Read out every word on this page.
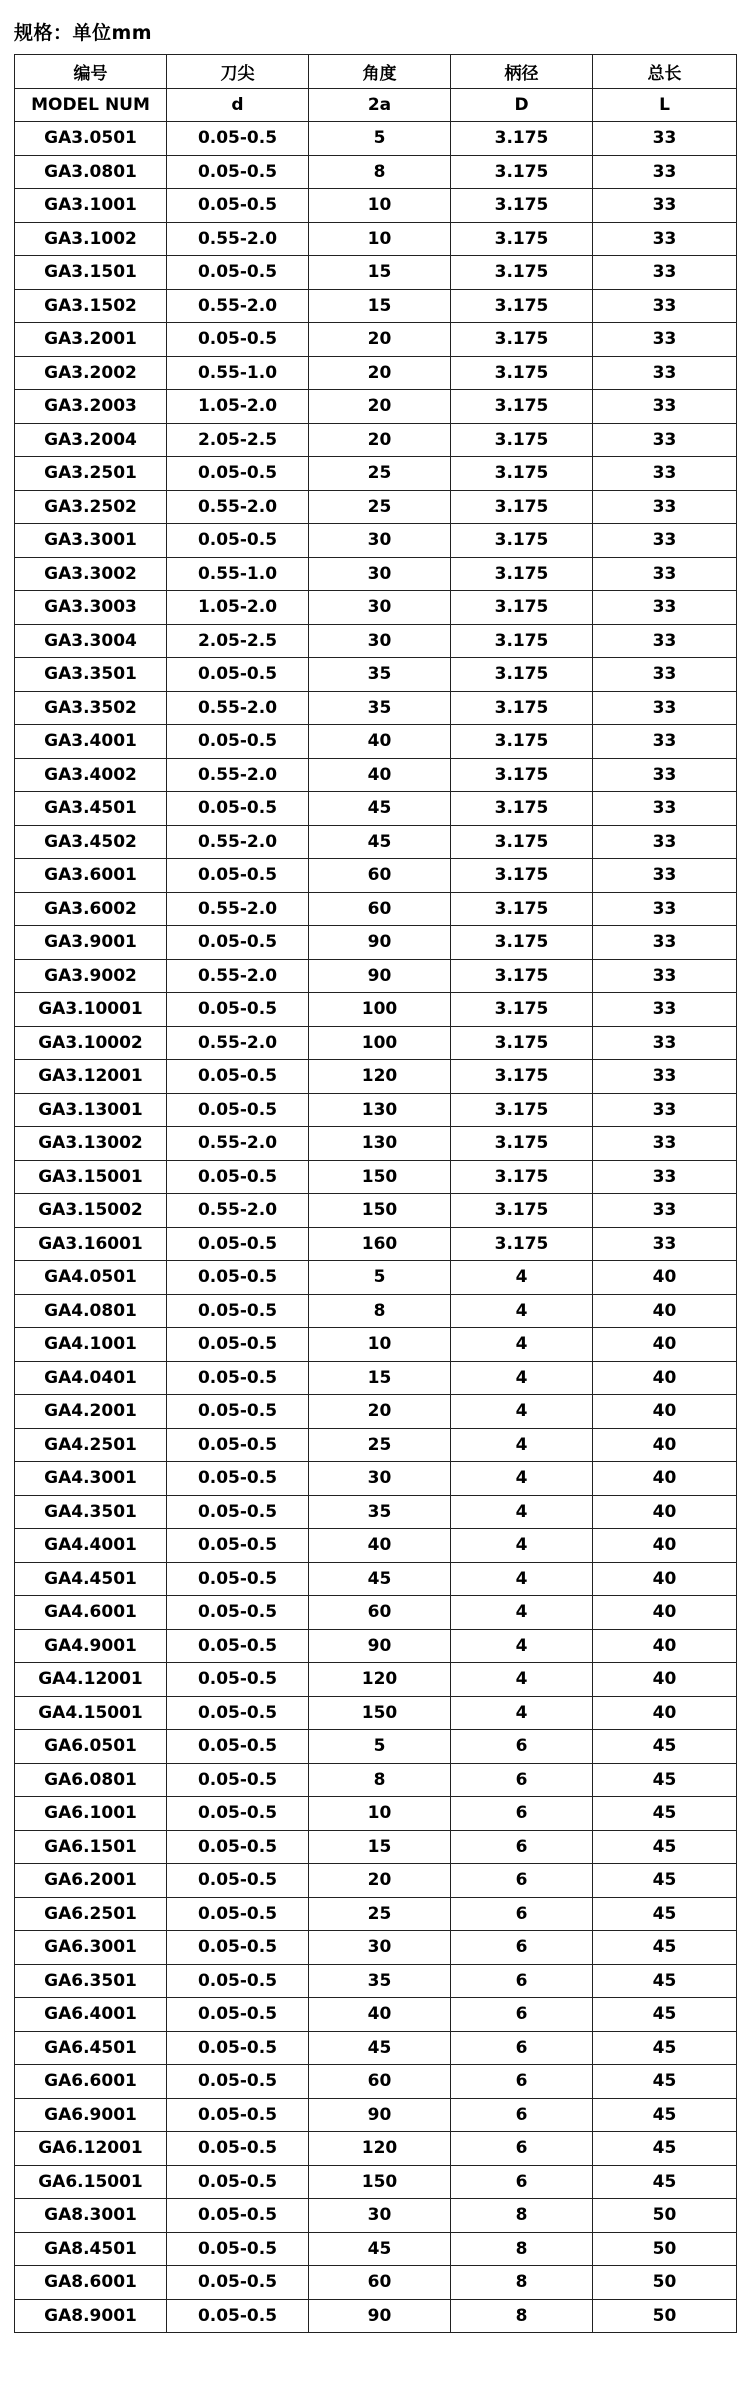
规格：单位mm
编号	刀尖	角度	柄径	总长
MODEL NUM	d	2a	D	L
GA3.0501	0.05-0.5	5	3.175	33
GA3.0801	0.05-0.5	8	3.175	33
GA3.1001	0.05-0.5	10	3.175	33
GA3.1002	0.55-2.0	10	3.175	33
GA3.1501	0.05-0.5	15	3.175	33
GA3.1502	0.55-2.0	15	3.175	33
GA3.2001	0.05-0.5	20	3.175	33
GA3.2002	0.55-1.0	20	3.175	33
GA3.2003	1.05-2.0	20	3.175	33
GA3.2004	2.05-2.5	20	3.175	33
GA3.2501	0.05-0.5	25	3.175	33
GA3.2502	0.55-2.0	25	3.175	33
GA3.3001	0.05-0.5	30	3.175	33
GA3.3002	0.55-1.0	30	3.175	33
GA3.3003	1.05-2.0	30	3.175	33
GA3.3004	2.05-2.5	30	3.175	33
GA3.3501	0.05-0.5	35	3.175	33
GA3.3502	0.55-2.0	35	3.175	33
GA3.4001	0.05-0.5	40	3.175	33
GA3.4002	0.55-2.0	40	3.175	33
GA3.4501	0.05-0.5	45	3.175	33
GA3.4502	0.55-2.0	45	3.175	33
GA3.6001	0.05-0.5	60	3.175	33
GA3.6002	0.55-2.0	60	3.175	33
GA3.9001	0.05-0.5	90	3.175	33
GA3.9002	0.55-2.0	90	3.175	33
GA3.10001	0.05-0.5	100	3.175	33
GA3.10002	0.55-2.0	100	3.175	33
GA3.12001	0.05-0.5	120	3.175	33
GA3.13001	0.05-0.5	130	3.175	33
GA3.13002	0.55-2.0	130	3.175	33
GA3.15001	0.05-0.5	150	3.175	33
GA3.15002	0.55-2.0	150	3.175	33
GA3.16001	0.05-0.5	160	3.175	33
GA4.0501	0.05-0.5	5	4	40
GA4.0801	0.05-0.5	8	4	40
GA4.1001	0.05-0.5	10	4	40
GA4.0401	0.05-0.5	15	4	40
GA4.2001	0.05-0.5	20	4	40
GA4.2501	0.05-0.5	25	4	40
GA4.3001	0.05-0.5	30	4	40
GA4.3501	0.05-0.5	35	4	40
GA4.4001	0.05-0.5	40	4	40
GA4.4501	0.05-0.5	45	4	40
GA4.6001	0.05-0.5	60	4	40
GA4.9001	0.05-0.5	90	4	40
GA4.12001	0.05-0.5	120	4	40
GA4.15001	0.05-0.5	150	4	40
GA6.0501	0.05-0.5	5	6	45
GA6.0801	0.05-0.5	8	6	45
GA6.1001	0.05-0.5	10	6	45
GA6.1501	0.05-0.5	15	6	45
GA6.2001	0.05-0.5	20	6	45
GA6.2501	0.05-0.5	25	6	45
GA6.3001	0.05-0.5	30	6	45
GA6.3501	0.05-0.5	35	6	45
GA6.4001	0.05-0.5	40	6	45
GA6.4501	0.05-0.5	45	6	45
GA6.6001	0.05-0.5	60	6	45
GA6.9001	0.05-0.5	90	6	45
GA6.12001	0.05-0.5	120	6	45
GA6.15001	0.05-0.5	150	6	45
GA8.3001	0.05-0.5	30	8	50
GA8.4501	0.05-0.5	45	8	50
GA8.6001	0.05-0.5	60	8	50
GA8.9001	0.05-0.5	90	8	50
